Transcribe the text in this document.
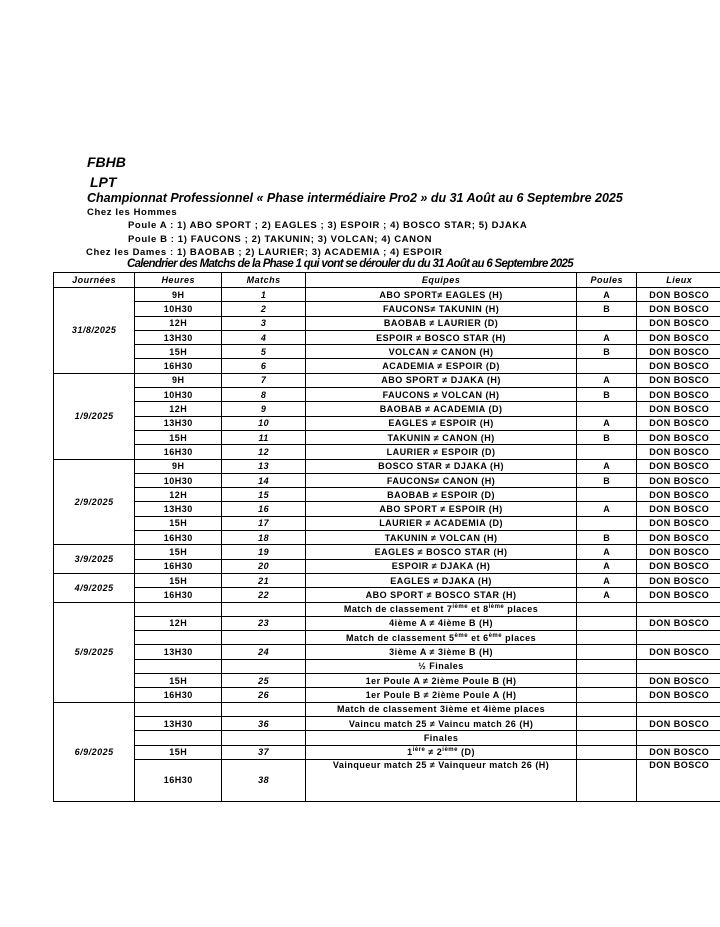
FBHB
LPT
Championnat Professionnel « Phase intermédiaire Pro2 » du 31 Août au 6 Septembre 2025
Chez les Hommes
Poule A : 1) ABO SPORT ; 2) EAGLES ; 3) ESPOIR ; 4) BOSCO STAR; 5) DJAKA
Poule B : 1) FAUCONS ; 2) TAKUNIN; 3) VOLCAN; 4) CANON
Chez les Dames : 1) BAOBAB ; 2) LAURIER; 3) ACADEMIA ; 4) ESPOIR
Calendrier des Matchs de la Phase 1 qui vont se dérouler du du 31 Août au 6 Septembre 2025
Journées	Heures	Matchs	Equipes	Poules	Lieux
31/8/2025	9H	1	ABO SPORT≠ EAGLES (H)	A	DON BOSCO
	10H30	2	FAUCONS≠ TAKUNIN (H)	B	DON BOSCO
	12H	3	BAOBAB ≠ LAURIER (D)		DON BOSCO
	13H30	4	ESPOIR ≠ BOSCO STAR (H)	A	DON BOSCO
	15H	5	VOLCAN ≠ CANON (H)	B	DON BOSCO
	16H30	6	ACADEMIA ≠ ESPOIR (D)		DON BOSCO
1/9/2025	9H	7	ABO SPORT ≠ DJAKA (H)	A	DON BOSCO
	10H30	8	FAUCONS ≠ VOLCAN (H)	B	DON BOSCO
	12H	9	BAOBAB ≠ ACADEMIA (D)		DON BOSCO
	13H30	10	EAGLES ≠ ESPOIR (H)	A	DON BOSCO
	15H	11	TAKUNIN ≠ CANON (H)	B	DON BOSCO
	16H30	12	LAURIER ≠ ESPOIR (D)		DON BOSCO
2/9/2025	9H	13	BOSCO STAR ≠ DJAKA (H)	A	DON BOSCO
	10H30	14	FAUCONS≠ CANON (H)	B	DON BOSCO
	12H	15	BAOBAB ≠ ESPOIR (D)		DON BOSCO
	13H30	16	ABO SPORT ≠ ESPOIR (H)	A	DON BOSCO
	15H	17	LAURIER ≠ ACADEMIA (D)		DON BOSCO
	16H30	18	TAKUNIN ≠ VOLCAN (H)	B	DON BOSCO
3/9/2025	15H	19	EAGLES ≠ BOSCO STAR (H)	A	DON BOSCO
	16H30	20	ESPOIR ≠ DJAKA (H)	A	DON BOSCO
4/9/2025	15H	21	EAGLES ≠ DJAKA (H)	A	DON BOSCO
	16H30	22	ABO SPORT ≠ BOSCO STAR (H)	A	DON BOSCO
5/9/2025			Match de classement 7ième et 8ième places		
	12H	23	4ième A ≠ 4ième B (H)		DON BOSCO
			Match de classement 5ème et 6ème places		
	13H30	24	3ième A ≠ 3ième B (H)		DON BOSCO
			½ Finales		
	15H	25	1er Poule A ≠ 2ième Poule B (H)		DON BOSCO
	16H30	26	1er Poule B ≠ 2ième Poule A (H)		DON BOSCO
6/9/2025			Match de classement 3ième et 4ième places		
	13H30	36	Vaincu match 25 ≠ Vaincu match 26 (H)		DON BOSCO
			Finales		
	15H	37	$1^{ière} \ne 2ième$ (D)		DON BOSCO
	16H30	38	Vainqueur match 25 ≠ Vainqueur match 26 (H)		DON BOSCO
